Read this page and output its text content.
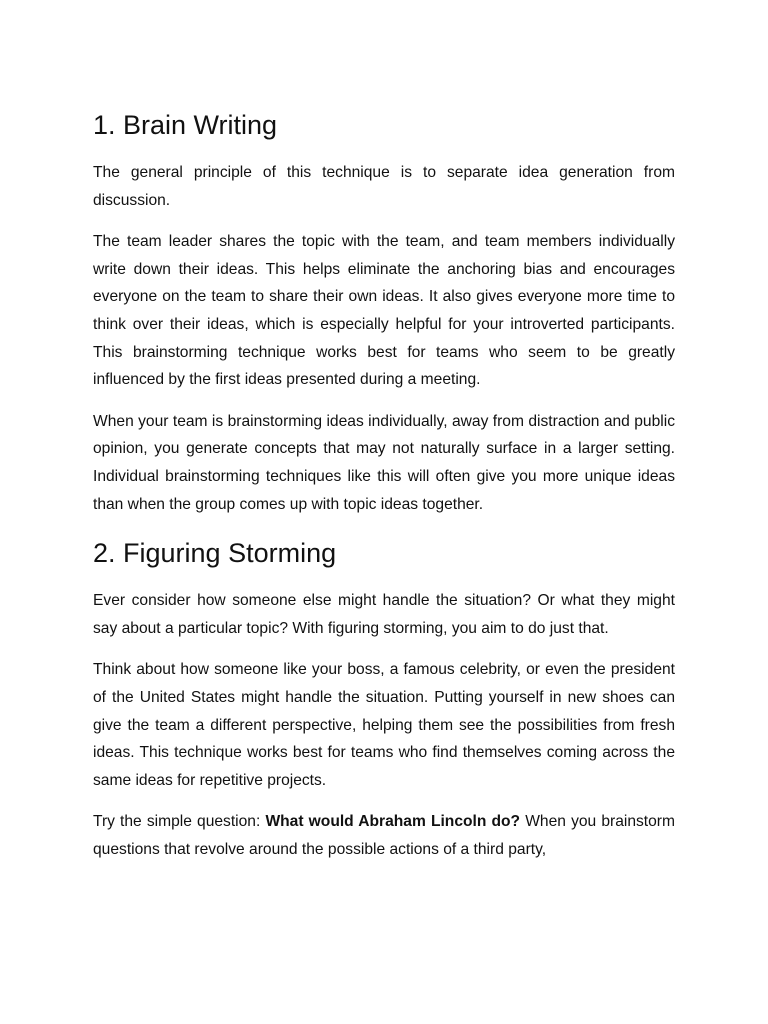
1. Brain Writing

The general principle of this technique is to separate idea generation from discussion.

The team leader shares the topic with the team, and team members individually write down their ideas. This helps eliminate the anchoring bias and encourages everyone on the team to share their own ideas. It also gives everyone more time to think over their ideas, which is especially helpful for your introverted participants. This brainstorming technique works best for teams who seem to be greatly influenced by the first ideas presented during a meeting.

When your team is brainstorming ideas individually, away from distraction and public opinion, you generate concepts that may not naturally surface in a larger setting. Individual brainstorming techniques like this will often give you more unique ideas than when the group comes up with topic ideas together.

2. Figuring Storming

Ever consider how someone else might handle the situation? Or what they might say about a particular topic? With figuring storming, you aim to do just that.

Think about how someone like your boss, a famous celebrity, or even the president of the United States might handle the situation. Putting yourself in new shoes can give the team a different perspective, helping them see the possibilities from fresh ideas. This technique works best for teams who find themselves coming across the same ideas for repetitive projects.

Try the simple question: What would Abraham Lincoln do? When you brainstorm questions that revolve around the possible actions of a third party,
